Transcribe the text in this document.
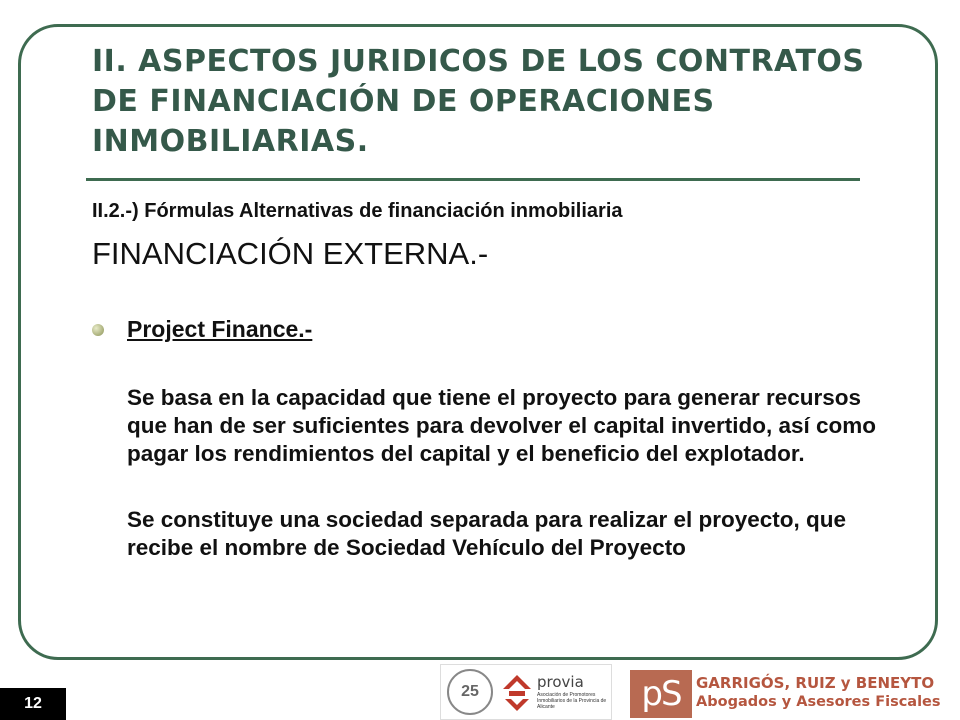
II. ASPECTOS JURIDICOS DE LOS CONTRATOS DE FINANCIACIÓN DE OPERACIONES INMOBILIARIAS.
II.2.-) Fórmulas Alternativas de financiación inmobiliaria
FINANCIACIÓN EXTERNA.-
Project Finance.-
Se basa en la capacidad que tiene el proyecto para generar recursos que han de ser suficientes para devolver el capital invertido, así como pagar los rendimientos del capital y el beneficio del explotador.
Se constituye una sociedad separada para realizar el proyecto, que recibe el nombre de Sociedad Vehículo del Proyecto
12
25
provia
Asociación de Promotores Inmobiliarios de la Provincia de Alicante	pS	GARRIGÓS, RUIZ y BENEYTO
Abogados y Asesores Fiscales
